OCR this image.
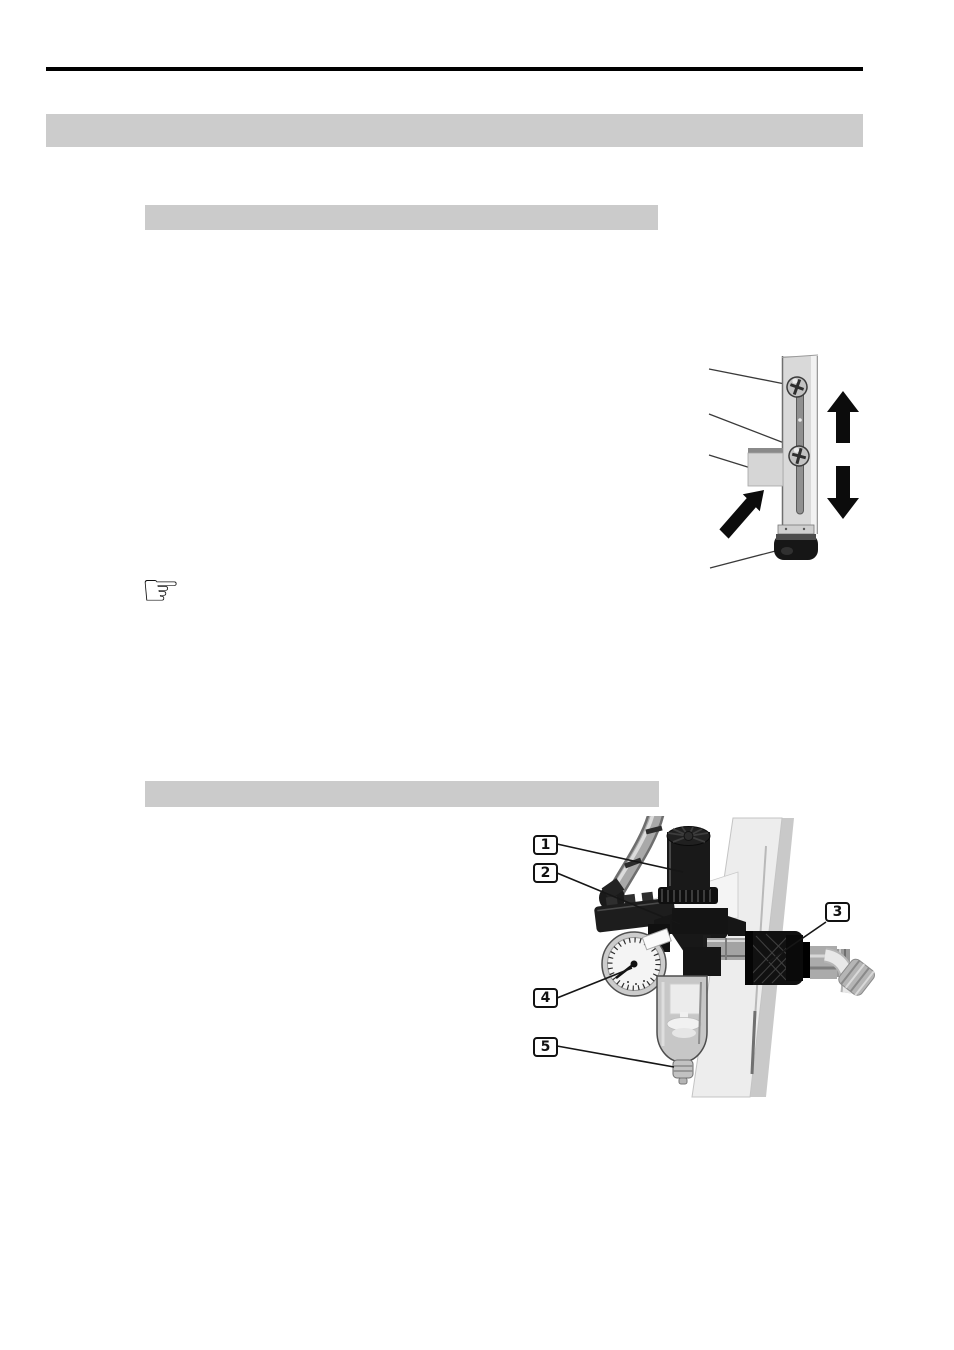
☞
1
2
3
4
5
